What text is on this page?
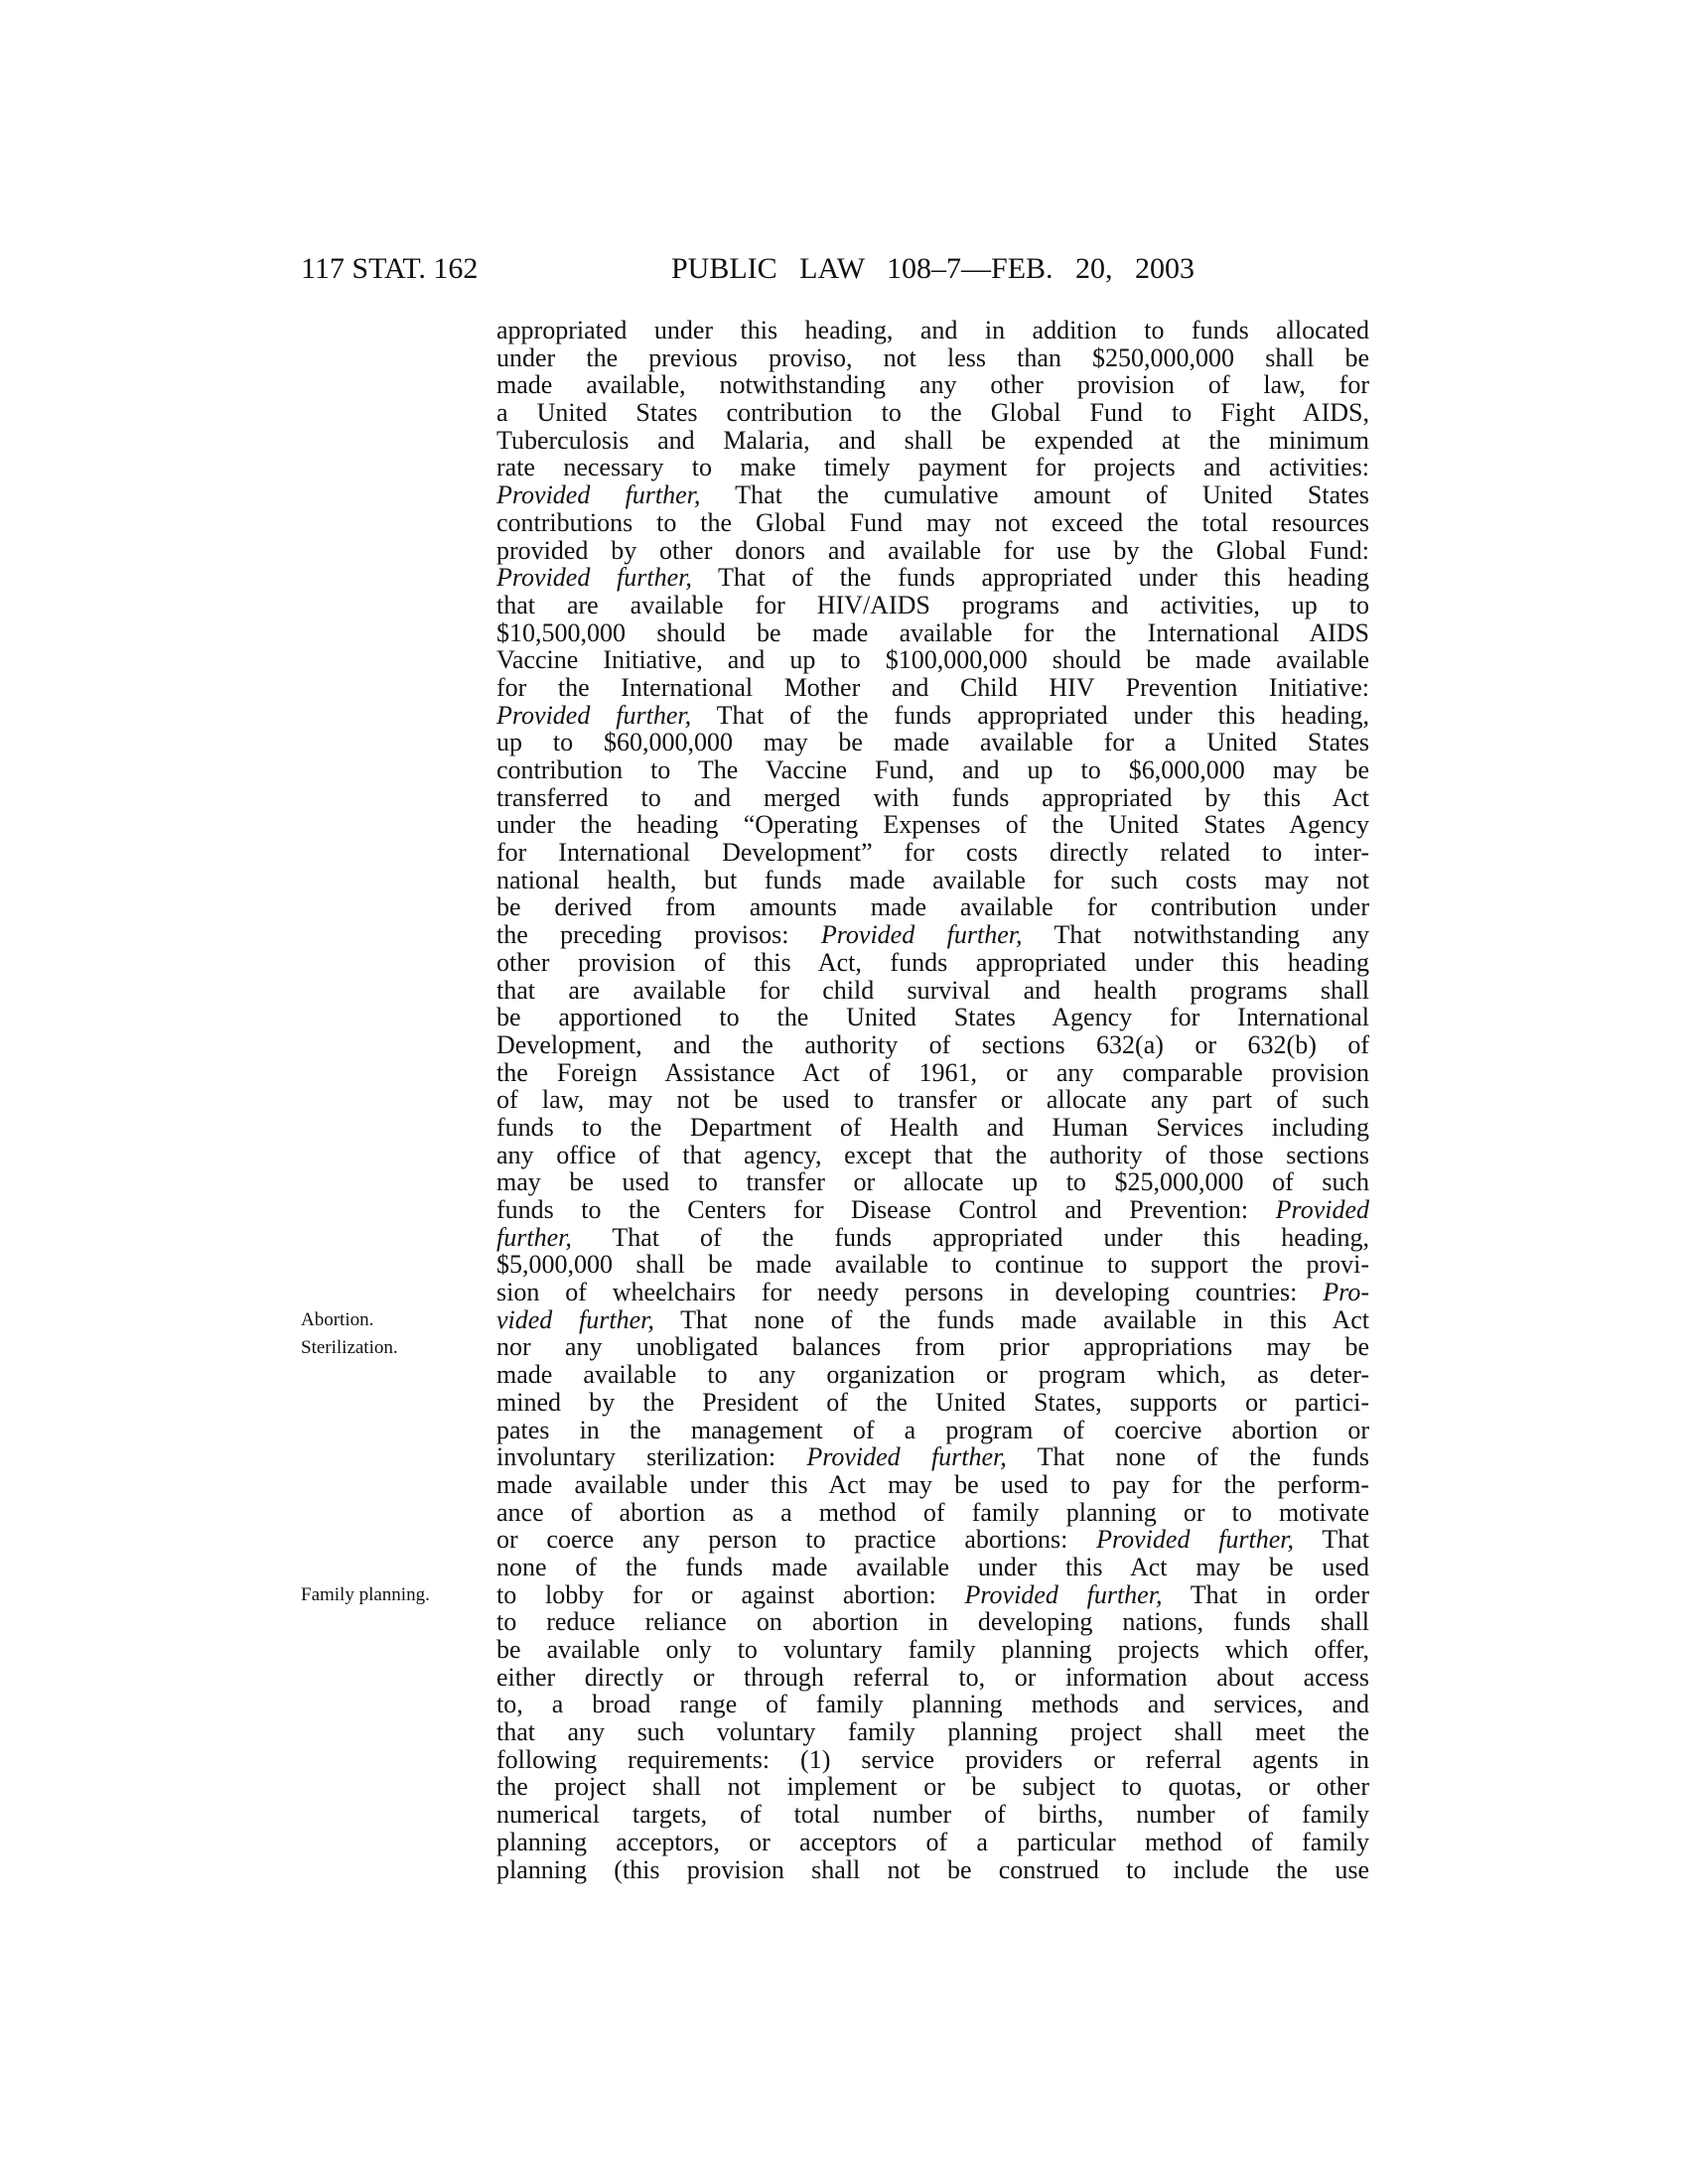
117 STAT. 162	PUBLIC LAW 108–7—FEB. 20, 2003
Abortion.
Sterilization.
Family planning.
appropriated under this heading, and in addition to funds allocated
under the previous proviso, not less than $250,000,000 shall be
made available, notwithstanding any other provision of law, for
a United States contribution to the Global Fund to Fight AIDS,
Tuberculosis and Malaria, and shall be expended at the minimum
rate necessary to make timely payment for projects and activities:
Provided further, That the cumulative amount of United States
contributions to the Global Fund may not exceed the total resources
provided by other donors and available for use by the Global Fund:
Provided further, That of the funds appropriated under this heading
that are available for HIV/AIDS programs and activities, up to
$10,500,000 should be made available for the International AIDS
Vaccine Initiative, and up to $100,000,000 should be made available
for the International Mother and Child HIV Prevention Initiative:
Provided further, That of the funds appropriated under this heading,
up to $60,000,000 may be made available for a United States
contribution to The Vaccine Fund, and up to $6,000,000 may be
transferred to and merged with funds appropriated by this Act
under the heading “Operating Expenses of the United States Agency
for International Development” for costs directly related to inter-
national health, but funds made available for such costs may not
be derived from amounts made available for contribution under
the preceding provisos: Provided further, That notwithstanding any
other provision of this Act, funds appropriated under this heading
that are available for child survival and health programs shall
be apportioned to the United States Agency for International
Development, and the authority of sections 632(a) or 632(b) of
the Foreign Assistance Act of 1961, or any comparable provision
of law, may not be used to transfer or allocate any part of such
funds to the Department of Health and Human Services including
any office of that agency, except that the authority of those sections
may be used to transfer or allocate up to $25,000,000 of such
funds to the Centers for Disease Control and Prevention: Provided
further, That of the funds appropriated under this heading,
$5,000,000 shall be made available to continue to support the provi-
sion of wheelchairs for needy persons in developing countries: Pro-
vided further, That none of the funds made available in this Act
nor any unobligated balances from prior appropriations may be
made available to any organization or program which, as deter-
mined by the President of the United States, supports or partici-
pates in the management of a program of coercive abortion or
involuntary sterilization: Provided further, That none of the funds
made available under this Act may be used to pay for the perform-
ance of abortion as a method of family planning or to motivate
or coerce any person to practice abortions: Provided further, That
none of the funds made available under this Act may be used
to lobby for or against abortion: Provided further, That in order
to reduce reliance on abortion in developing nations, funds shall
be available only to voluntary family planning projects which offer,
either directly or through referral to, or information about access
to, a broad range of family planning methods and services, and
that any such voluntary family planning project shall meet the
following requirements: (1) service providers or referral agents in
the project shall not implement or be subject to quotas, or other
numerical targets, of total number of births, number of family
planning acceptors, or acceptors of a particular method of family
planning (this provision shall not be construed to include the use
